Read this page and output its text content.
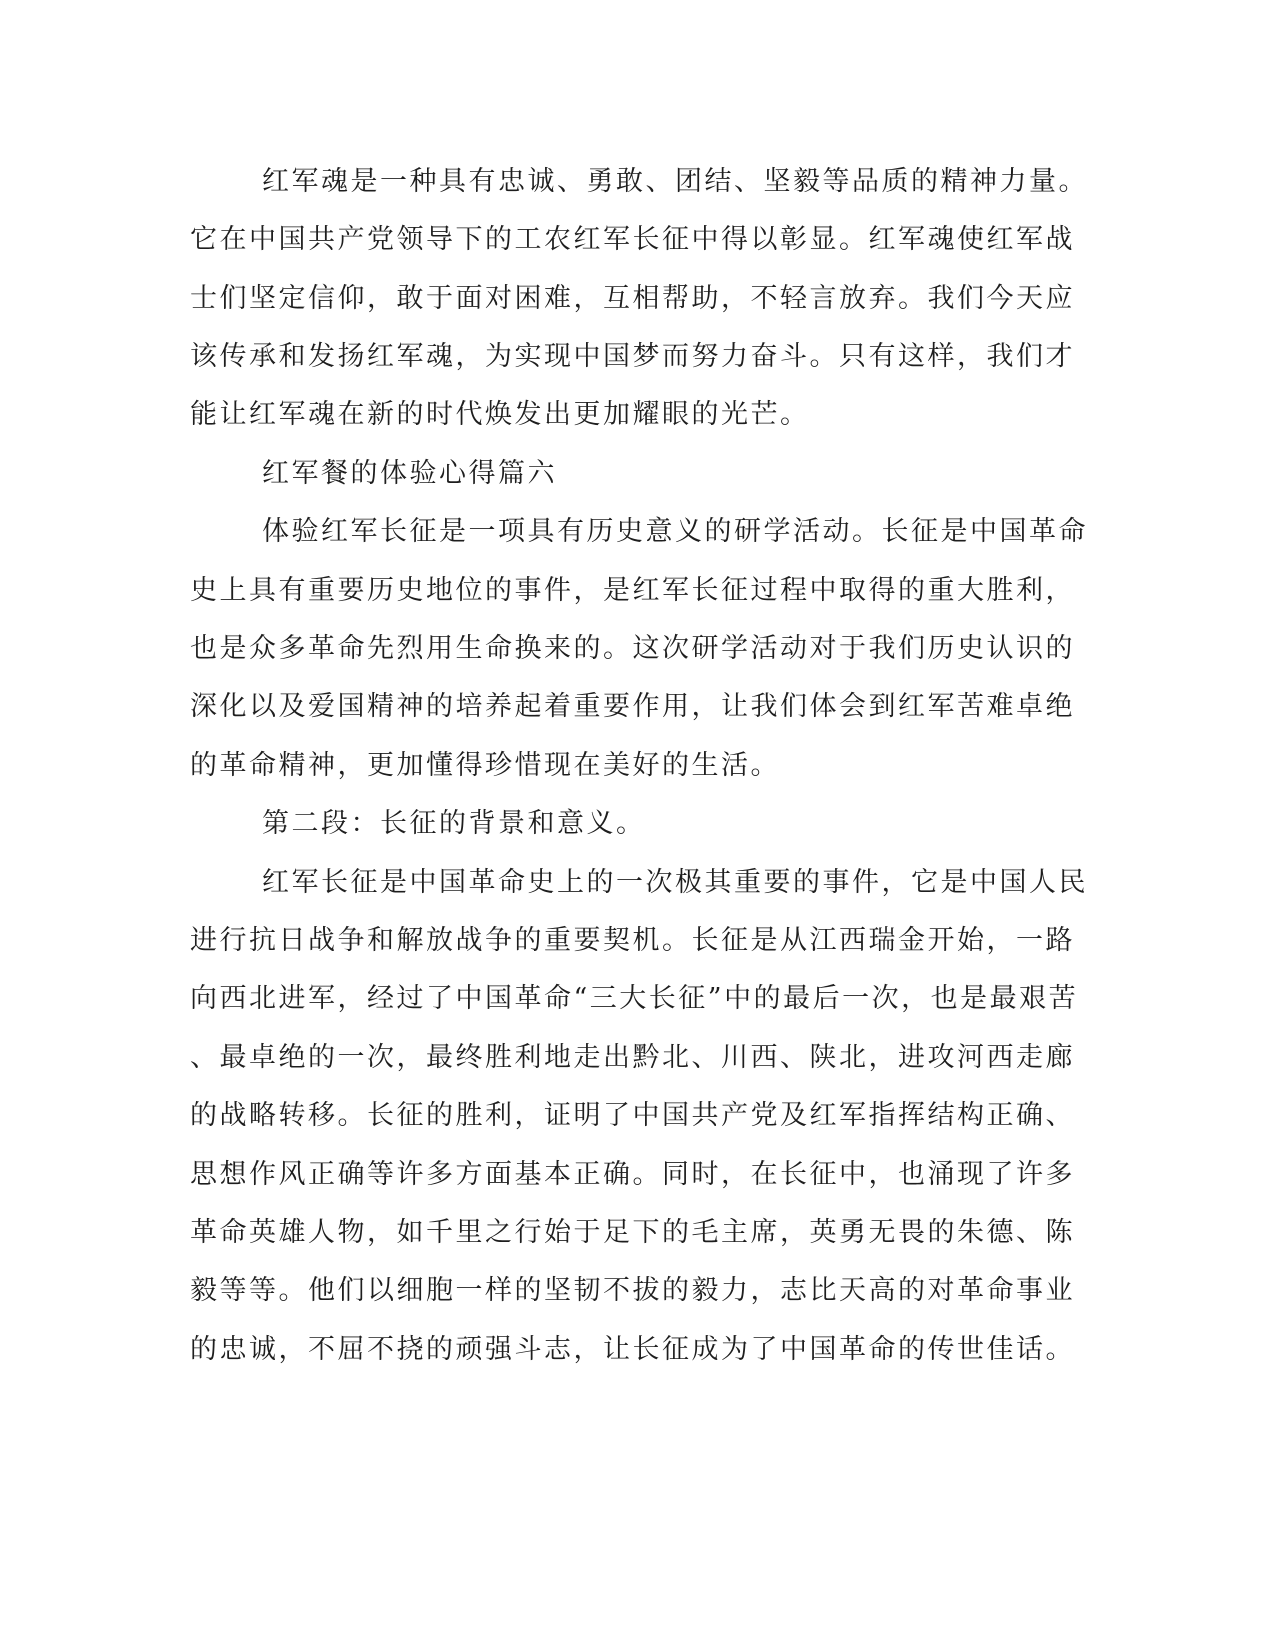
红军魂是一种具有忠诚、勇敢、团结、坚毅等品质的精神力量。

它在中国共产党领导下的工农红军长征中得以彰显。红军魂使红军战

士们坚定信仰，敢于面对困难，互相帮助，不轻言放弃。我们今天应

该传承和发扬红军魂，为实现中国梦而努力奋斗。只有这样，我们才

能让红军魂在新的时代焕发出更加耀眼的光芒。

红军餐的体验心得篇六

体验红军长征是一项具有历史意义的研学活动。长征是中国革命

史上具有重要历史地位的事件，是红军长征过程中取得的重大胜利，

也是众多革命先烈用生命换来的。这次研学活动对于我们历史认识的

深化以及爱国精神的培养起着重要作用，让我们体会到红军苦难卓绝

的革命精神，更加懂得珍惜现在美好的生活。

第二段：长征的背景和意义。

红军长征是中国革命史上的一次极其重要的事件，它是中国人民

进行抗日战争和解放战争的重要契机。长征是从江西瑞金开始，一路

向西北进军，经过了中国革命“三大长征”中的最后一次，也是最艰苦

、最卓绝的一次，最终胜利地走出黔北、川西、陕北，进攻河西走廊

的战略转移。长征的胜利，证明了中国共产党及红军指挥结构正确、

思想作风正确等许多方面基本正确。同时，在长征中，也涌现了许多

革命英雄人物，如千里之行始于足下的毛主席，英勇无畏的朱德、陈

毅等等。他们以细胞一样的坚韧不拔的毅力，志比天高的对革命事业

的忠诚，不屈不挠的顽强斗志，让长征成为了中国革命的传世佳话。
